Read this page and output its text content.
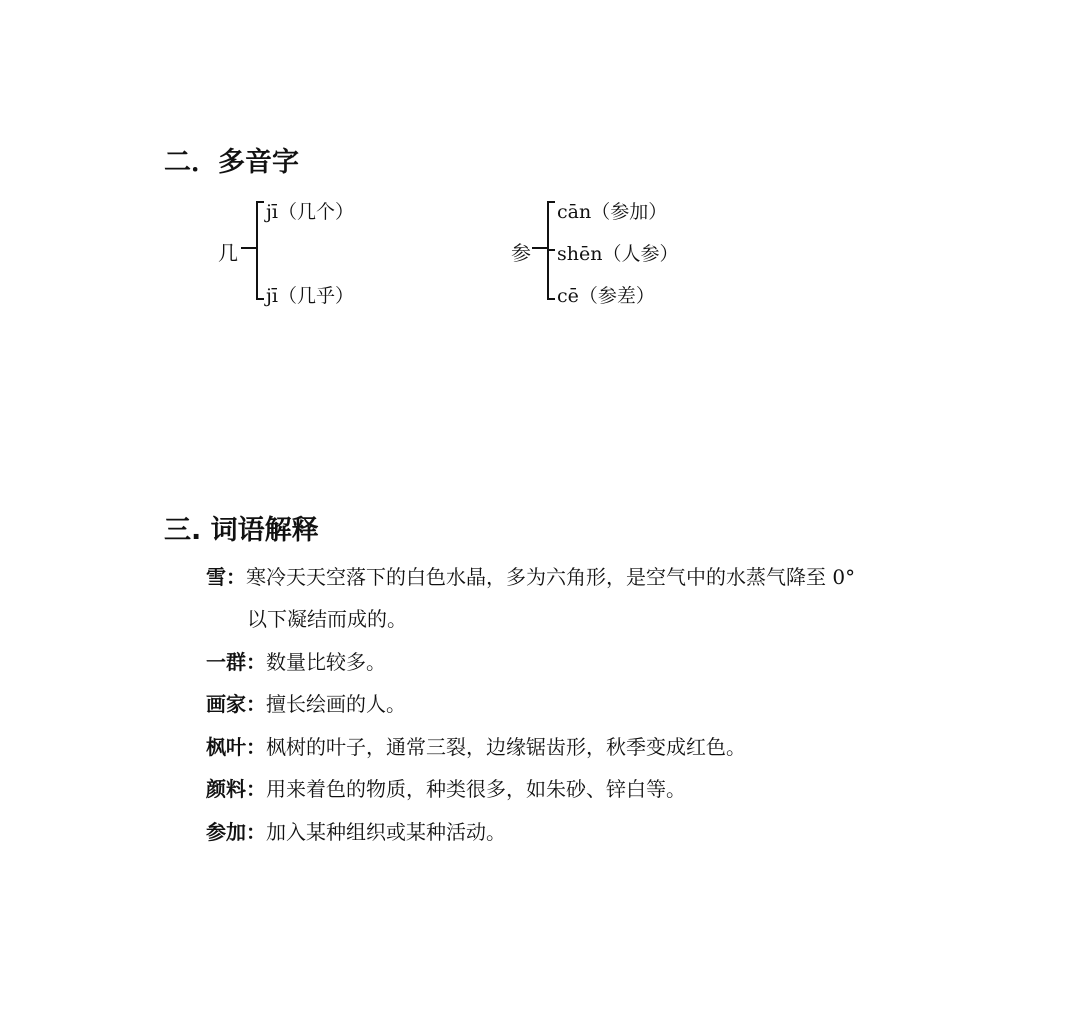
二．多音字
几
jī（几个）
jī（几乎）
参
cān（参加）
shēn（人参）
cē（参差）
三. 词语解释
雪：寒冷天天空落下的白色水晶，多为六角形，是空气中的水蒸气降至 0°
以下凝结而成的。
一群：数量比较多。
画家：擅长绘画的人。
枫叶：枫树的叶子，通常三裂，边缘锯齿形，秋季变成红色。
颜料：用来着色的物质，种类很多，如朱砂、锌白等。
参加：加入某种组织或某种活动。
